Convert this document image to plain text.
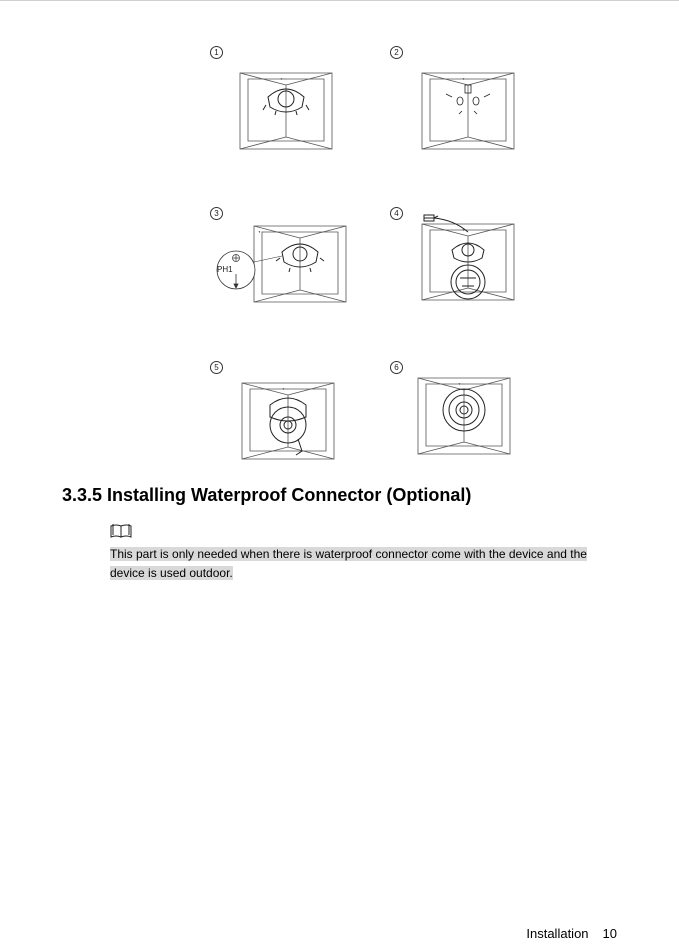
1	2
3	4
5	6
▼ ◦◦◦	▼ ◦◦◦
▼ ◦◦◦
PH1
▼ ◦◦◦
▼ ◦◦◦
▼ ◦◦◦
3.3.5 Installing Waterproof Connector (Optional)
This part is only needed when there is waterproof connector come with the device and the
device is used outdoor.
Installation 10
